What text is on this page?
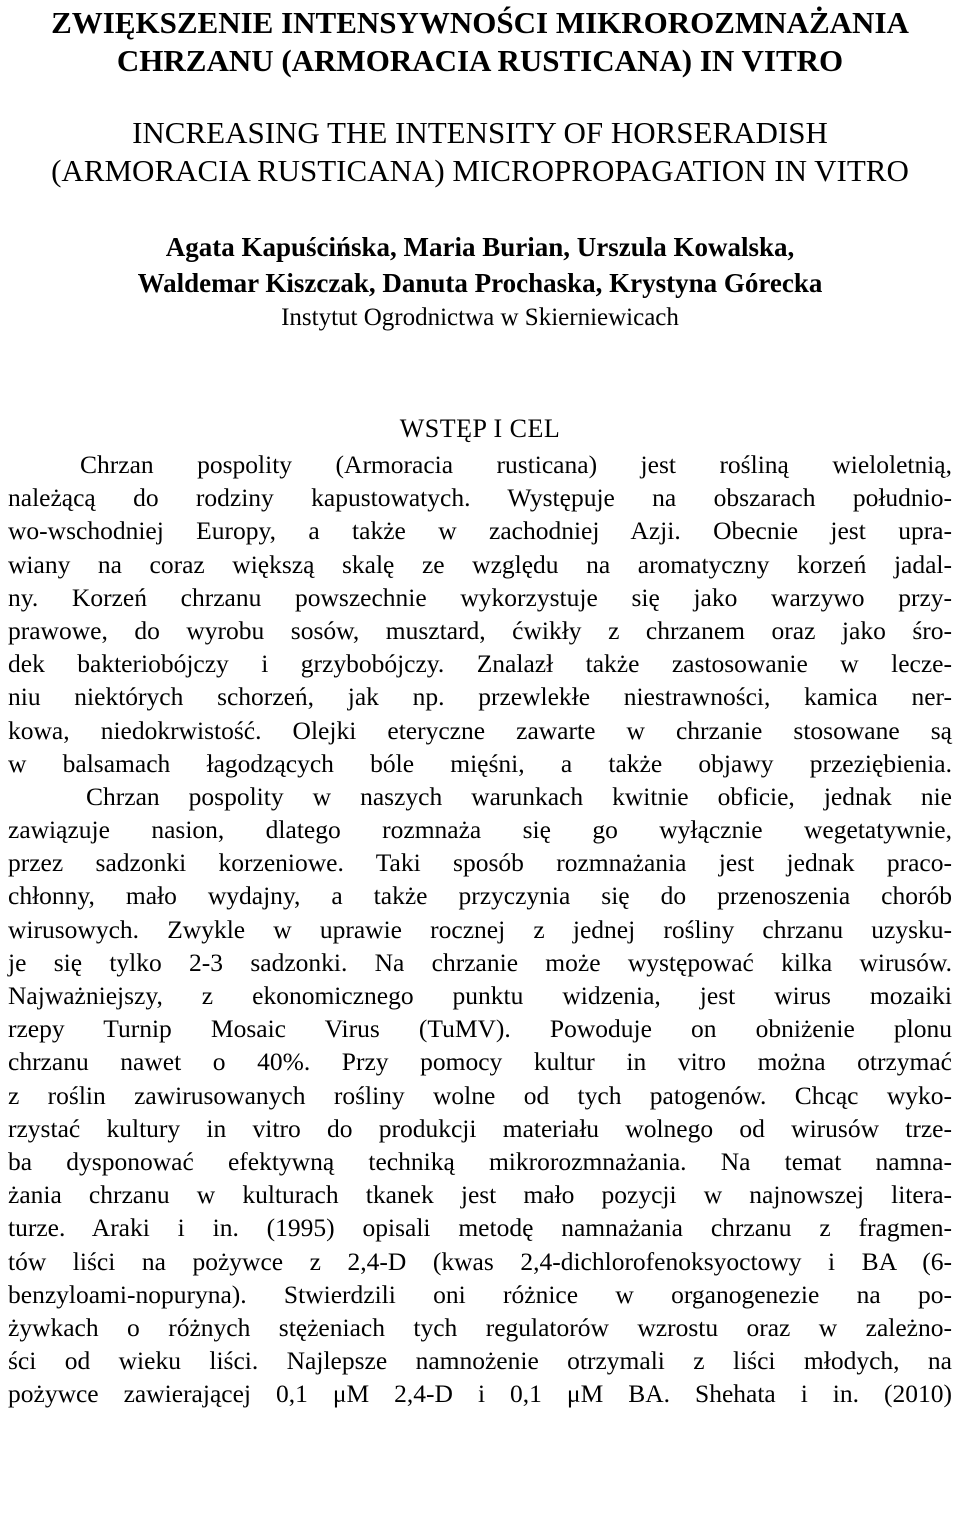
ZWIĘKSZENIE INTENSYWNOŚCI MIKROROZMNAŻANIA
CHRZANU (ARMORACIA RUSTICANA) IN VITRO
INCREASING THE INTENSITY OF HORSERADISH
(ARMORACIA RUSTICANA) MICROPROPAGATION IN VITRO
Agata Kapuścińska, Maria Burian, Urszula Kowalska,
Waldemar Kiszczak, Danuta Prochaska, Krystyna Górecka
Instytut Ogrodnictwa w Skierniewicach
WSTĘP I CEL
Chrzan pospolity (Armoracia rusticana) jest rośliną wieloletnią,
należącą do rodziny kapustowatych. Występuje na obszarach południo-
wo-wschodniej Europy, a także w zachodniej Azji. Obecnie jest upra-
wiany na coraz większą skalę ze względu na aromatyczny korzeń jadal-
ny. Korzeń chrzanu powszechnie wykorzystuje się jako warzywo przy-
prawowe, do wyrobu sosów, musztard, ćwikły z chrzanem oraz jako śro-
dek bakteriobójczy i grzybobójczy. Znalazł także zastosowanie w lecze-
niu niektórych schorzeń, jak np. przewlekłe niestrawności, kamica ner-
kowa, niedokrwistość. Olejki eteryczne zawarte w chrzanie stosowane są
w balsamach łagodzących bóle mięśni, a także objawy przeziębienia.
Chrzan pospolity w naszych warunkach kwitnie obficie, jednak nie
zawiązuje nasion, dlatego rozmnaża się go wyłącznie wegetatywnie,
przez sadzonki korzeniowe. Taki sposób rozmnażania jest jednak praco-
chłonny, mało wydajny, a także przyczynia się do przenoszenia chorób
wirusowych. Zwykle w uprawie rocznej z jednej rośliny chrzanu uzysku-
je się tylko 2-3 sadzonki. Na chrzanie może występować kilka wirusów.
Najważniejszy, z ekonomicznego punktu widzenia, jest wirus mozaiki
rzepy Turnip Mosaic Virus (TuMV). Powoduje on obniżenie plonu
chrzanu nawet o 40%. Przy pomocy kultur in vitro można otrzymać
z roślin zawirusowanych rośliny wolne od tych patogenów. Chcąc wyko-
rzystać kultury in vitro do produkcji materiału wolnego od wirusów trze-
ba dysponować efektywną techniką mikrorozmnażania. Na temat namna-
żania chrzanu w kulturach tkanek jest mało pozycji w najnowszej litera-
turze. Araki i in. (1995) opisali metodę namnażania chrzanu z fragmen-
tów liści na pożywce z 2,4-D (kwas 2,4-dichlorofenoksyoctowy i BA (6-
benzyloami-nopuryna). Stwierdzili oni różnice w organogenezie na po-
żywkach o różnych stężeniach tych regulatorów wzrostu oraz w zależno-
ści od wieku liści. Najlepsze namnożenie otrzymali z liści młodych, na
pożywce zawierającej 0,1 μM 2,4-D i 0,1 μM BA. Shehata i in. (2010)
